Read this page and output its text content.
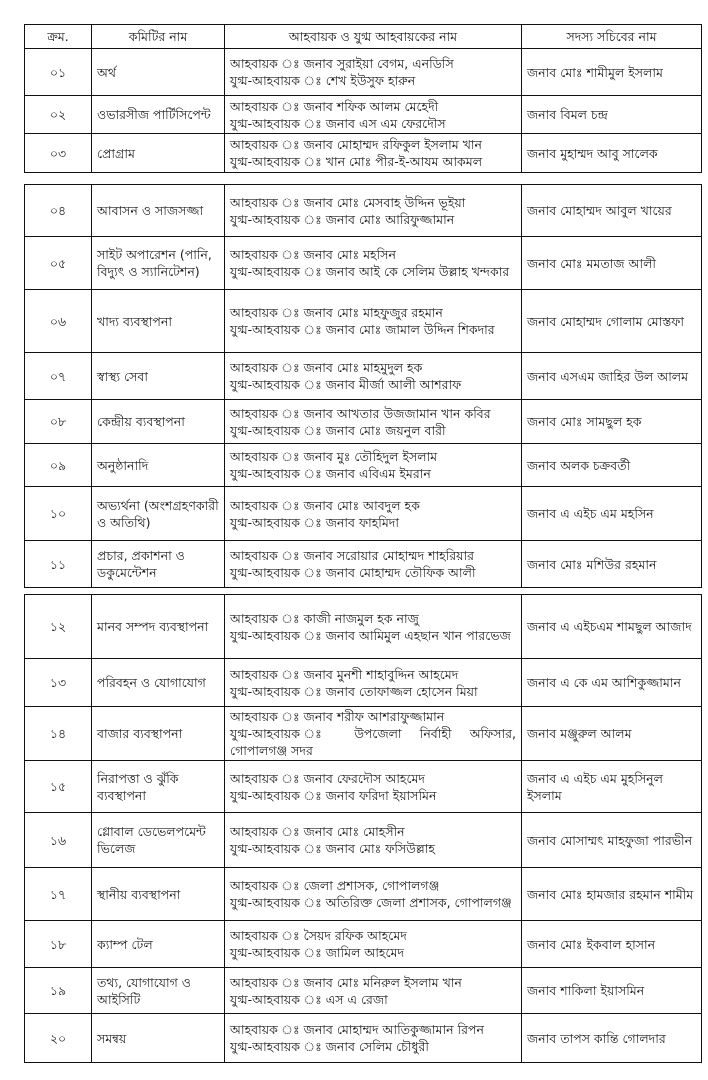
ক্রম.	কমিটির নাম	আহবায়ক ও যুগ্ম আহবায়কের নাম	সদস্য সচিবের নাম

০১	অর্থ	আহবায়ক ঃ জনাব সুরাইয়া বেগম, এনডিসি
যুগ্ম-আহবায়ক ঃ শেখ ইউসুফ হারুন	জনাব মোঃ শামীমুল ইসলাম

০২	ওভারসীজ পার্টিসিপেন্ট	আহবায়ক ঃ জনাব শফিক আলম মেহেদী
যুগ্ম-আহবায়ক ঃ জনাব এস এম ফেরদৌস	জনাব বিমল চন্দ্র

০৩	প্রোগ্রাম	আহবায়ক ঃ জনাব মোহাম্মদ রফিকুল ইসলাম খান
যুগ্ম-আহবায়ক ঃ খান মোঃ পীর-ই-আযম আকমল	জনাব মুহাম্মদ আবু সালেক
০৪	আবাসন ও সাজসজ্জা	আহবায়ক ঃ জনাব মোঃ মেসবাহ উদ্দিন ভূইয়া
যুগ্ম-আহবায়ক ঃ জনাব মোঃ আরিফুজ্জামান	জনাব মোহাম্মদ আবুল খায়ের

০৫	সাইট অপারেশন (পানি, বিদ্যুৎ ও স্যানিটেশন)	আহবায়ক ঃ জনাব মোঃ মহসিন
যুগ্ম-আহবায়ক ঃ জনাব আই কে সেলিম উল্লাহ খন্দকার	জনাব মোঃ মমতাজ আলী

০৬	খাদ্য ব্যবস্থাপনা	আহবায়ক ঃ জনাব মোঃ মাহফুজুর রহমান
যুগ্ম-আহবায়ক ঃ জনাব মোঃ জামাল উদ্দিন শিকদার	জনাব মোহাম্মদ গোলাম মোস্তফা

০৭	স্বাস্থ্য সেবা	আহবায়ক ঃ জনাব মোঃ মাহমুদুল হক
যুগ্ম-আহবায়ক ঃ জনাব মীর্জা আলী আশরাফ	জনাব এসএম জাহির উল আলম

০৮	কেন্দ্রীয় ব্যবস্থাপনা	আহবায়ক ঃ জনাব আখতার উজজামান খান কবির
যুগ্ম-আহবায়ক ঃ জনাব মোঃ জয়নুল বারী	জনাব মোঃ সামছুল হক

০৯	অনুষ্ঠানাদি	আহবায়ক ঃ জনাব মুঃ তৌহিদুল ইসলাম
যুগ্ম-আহবায়ক ঃ জনাব এবিএম ইমরান	জনাব অলক চক্রবর্তী

১০	অভ্যর্থনা (অংশগ্রহণকারী ও অতিথি)	আহবায়ক ঃ জনাব মোঃ আবদুল হক
যুগ্ম-আহবায়ক ঃ জনাব ফাহমিদা	জনাব এ এইচ এম মহসিন

১১	প্রচার, প্রকাশনা ও ডকুমেন্টেশন	আহবায়ক ঃ জনাব সরোয়ার মোহাম্মদ শাহরিয়ার
যুগ্ম-আহবায়ক ঃ জনাব মোহাম্মদ তৌফিক আলী	জনাব মোঃ মশিউর রহমান
১২	মানব সম্পদ ব্যবস্থাপনা	আহবায়ক ঃ কাজী নাজমুল হক নাজু
যুগ্ম-আহবায়ক ঃ জনাব আমিমুল এহছান খান পারভেজ	জনাব এ এইচএম শামছুল আজাদ

১৩	পরিবহন ও যোগাযোগ	আহবায়ক ঃ জনাব মুনশী শাহাবুদ্দিন আহমেদ
যুগ্ম-আহবায়ক ঃ জনাব তোফাজ্জল হোসেন মিয়া	জনাব এ কে এম আশিকুজ্জামান

১৪	বাজার ব্যবস্থাপনা	আহবায়ক ঃ জনাব শরীফ আশরাফুজ্জামান
যুগ্ম-আহবায়ক ঃ উপজেলা নির্বাহী অফিসার, গোপালগঞ্জ সদর	জনাব মঞ্জুরুল আলম

১৫	নিরাপত্তা ও ঝুঁকি ব্যবস্থাপনা	আহবায়ক ঃ জনাব ফেরদৌস আহমেদ
যুগ্ম-আহবায়ক ঃ জনাব ফরিদা ইয়াসমিন	জনাব এ এইচ এম মুহসিনুল ইসলাম

১৬	গ্লোবাল ডেভেলপমেন্ট ভিলেজ	আহবায়ক ঃ জনাব মোঃ মোহসীন
যুগ্ম-আহবায়ক ঃ জনাব মোঃ ফসিউল্লাহ	জনাব মোসাম্মৎ মাহফুজা পারভীন

১৭	স্থানীয় ব্যবস্থাপনা	আহবায়ক ঃ জেলা প্রশাসক, গোপালগঞ্জ
যুগ্ম-আহবায়ক ঃ অতিরিক্ত জেলা প্রশাসক, গোপালগঞ্জ	জনাব মোঃ হামজার রহমান শামীম

১৮	ক্যাম্প টেল	আহবায়ক ঃ সৈয়দ রফিক আহমেদ
যুগ্ম-আহবায়ক ঃ জামিল আহমেদ	জনাব মোঃ ইকবাল হাসান

১৯	তথ্য, যোগাযোগ ও আইসিটি	আহবায়ক ঃ জনাব মোঃ মনিরুল ইসলাম খান
যুগ্ম-আহবায়ক ঃ এস এ রেজা	জনাব শাকিলা ইয়াসমিন

২০	সমন্বয়	আহবায়ক ঃ জনাব মোহাম্মদ আতিকুজ্জামান রিপন
যুগ্ম-আহবায়ক ঃ জনাব সেলিম চৌধুরী	জনাব তাপস কান্তি গোলদার
